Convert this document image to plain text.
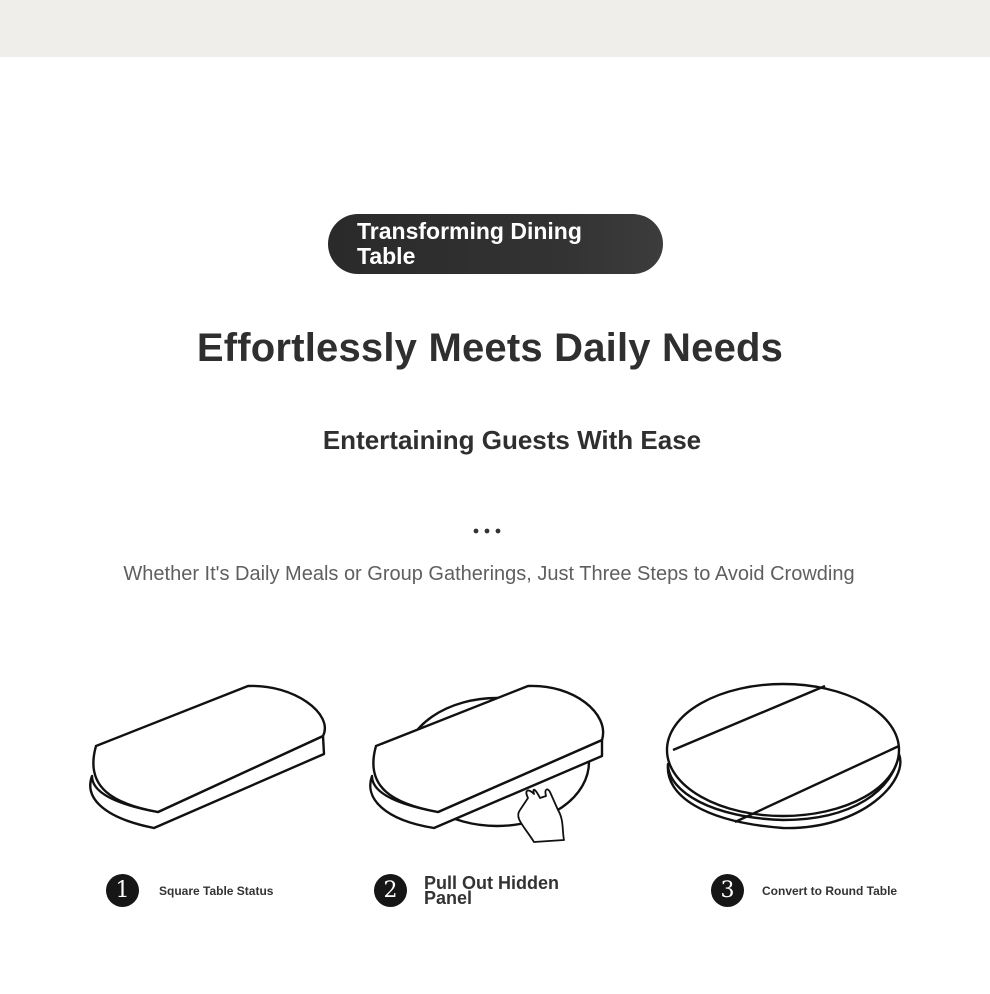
Transforming Dining Table
Effortlessly Meets Daily Needs
Entertaining Guests With Ease
Whether It's Daily Meals or Group Gatherings, Just Three Steps to Avoid Crowding
1	Square Table Status	2	Pull Out Hidden Panel	3	Convert to Round Table
